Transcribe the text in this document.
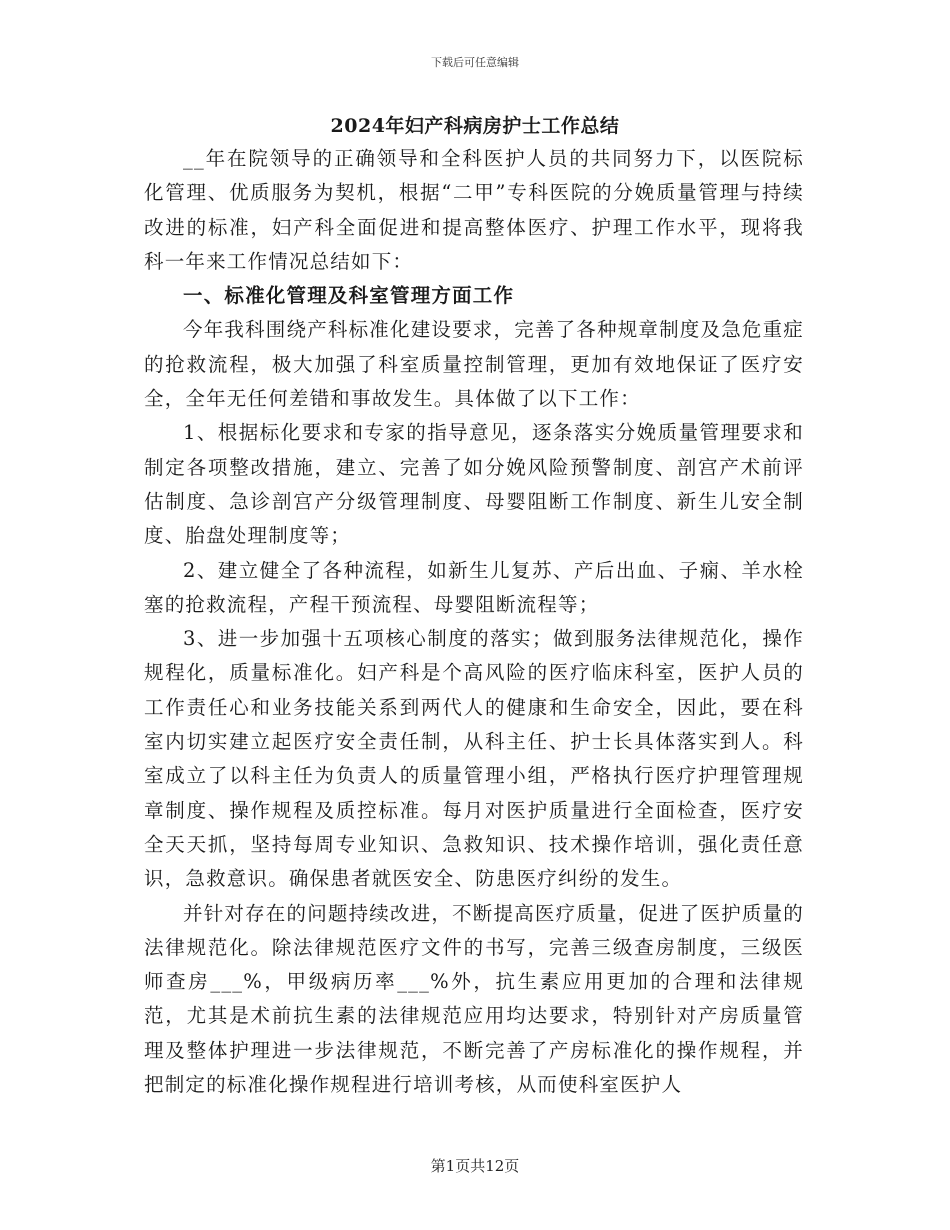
下载后可任意编辑
2024年妇产科病房护士工作总结

__年在院领导的正确领导和全科医护人员的共同努力下，以医院标化管理、优质服务为契机，根据“二甲”专科医院的分娩质量管理与持续改进的标准，妇产科全面促进和提高整体医疗、护理工作水平，现将我科一年来工作情况总结如下：

一、标准化管理及科室管理方面工作

今年我科围绕产科标准化建设要求，完善了各种规章制度及急危重症的抢救流程，极大加强了科室质量控制管理，更加有效地保证了医疗安全，全年无任何差错和事故发生。具体做了以下工作：

1、根据标化要求和专家的指导意见，逐条落实分娩质量管理要求和制定各项整改措施，建立、完善了如分娩风险预警制度、剖宫产术前评估制度、急诊剖宫产分级管理制度、母婴阻断工作制度、新生儿安全制度、胎盘处理制度等；

2、建立健全了各种流程，如新生儿复苏、产后出血、子痫、羊水栓塞的抢救流程，产程干预流程、母婴阻断流程等；

3、进一步加强十五项核心制度的落实；做到服务法律规范化，操作规程化，质量标准化。妇产科是个高风险的医疗临床科室，医护人员的工作责任心和业务技能关系到两代人的健康和生命安全，因此，要在科室内切实建立起医疗安全责任制，从科主任、护士长具体落实到人。科室成立了以科主任为负责人的质量管理小组，严格执行医疗护理管理规章制度、操作规程及质控标准。每月对医护质量进行全面检查，医疗安全天天抓，坚持每周专业知识、急救知识、技术操作培训，强化责任意识，急救意识。确保患者就医安全、防患医疗纠纷的发生。

并针对存在的问题持续改进，不断提高医疗质量，促进了医护质量的法律规范化。除法律规范医疗文件的书写，完善三级查房制度，三级医师查房___%，甲级病历率___%外，抗生素应用更加的合理和法律规范，尤其是术前抗生素的法律规范应用均达要求，特别针对产房质量管理及整体护理进一步法律规范，不断完善了产房标准化的操作规程，并把制定的标准化操作规程进行培训考核，从而使科室医护人

第1页共12页
